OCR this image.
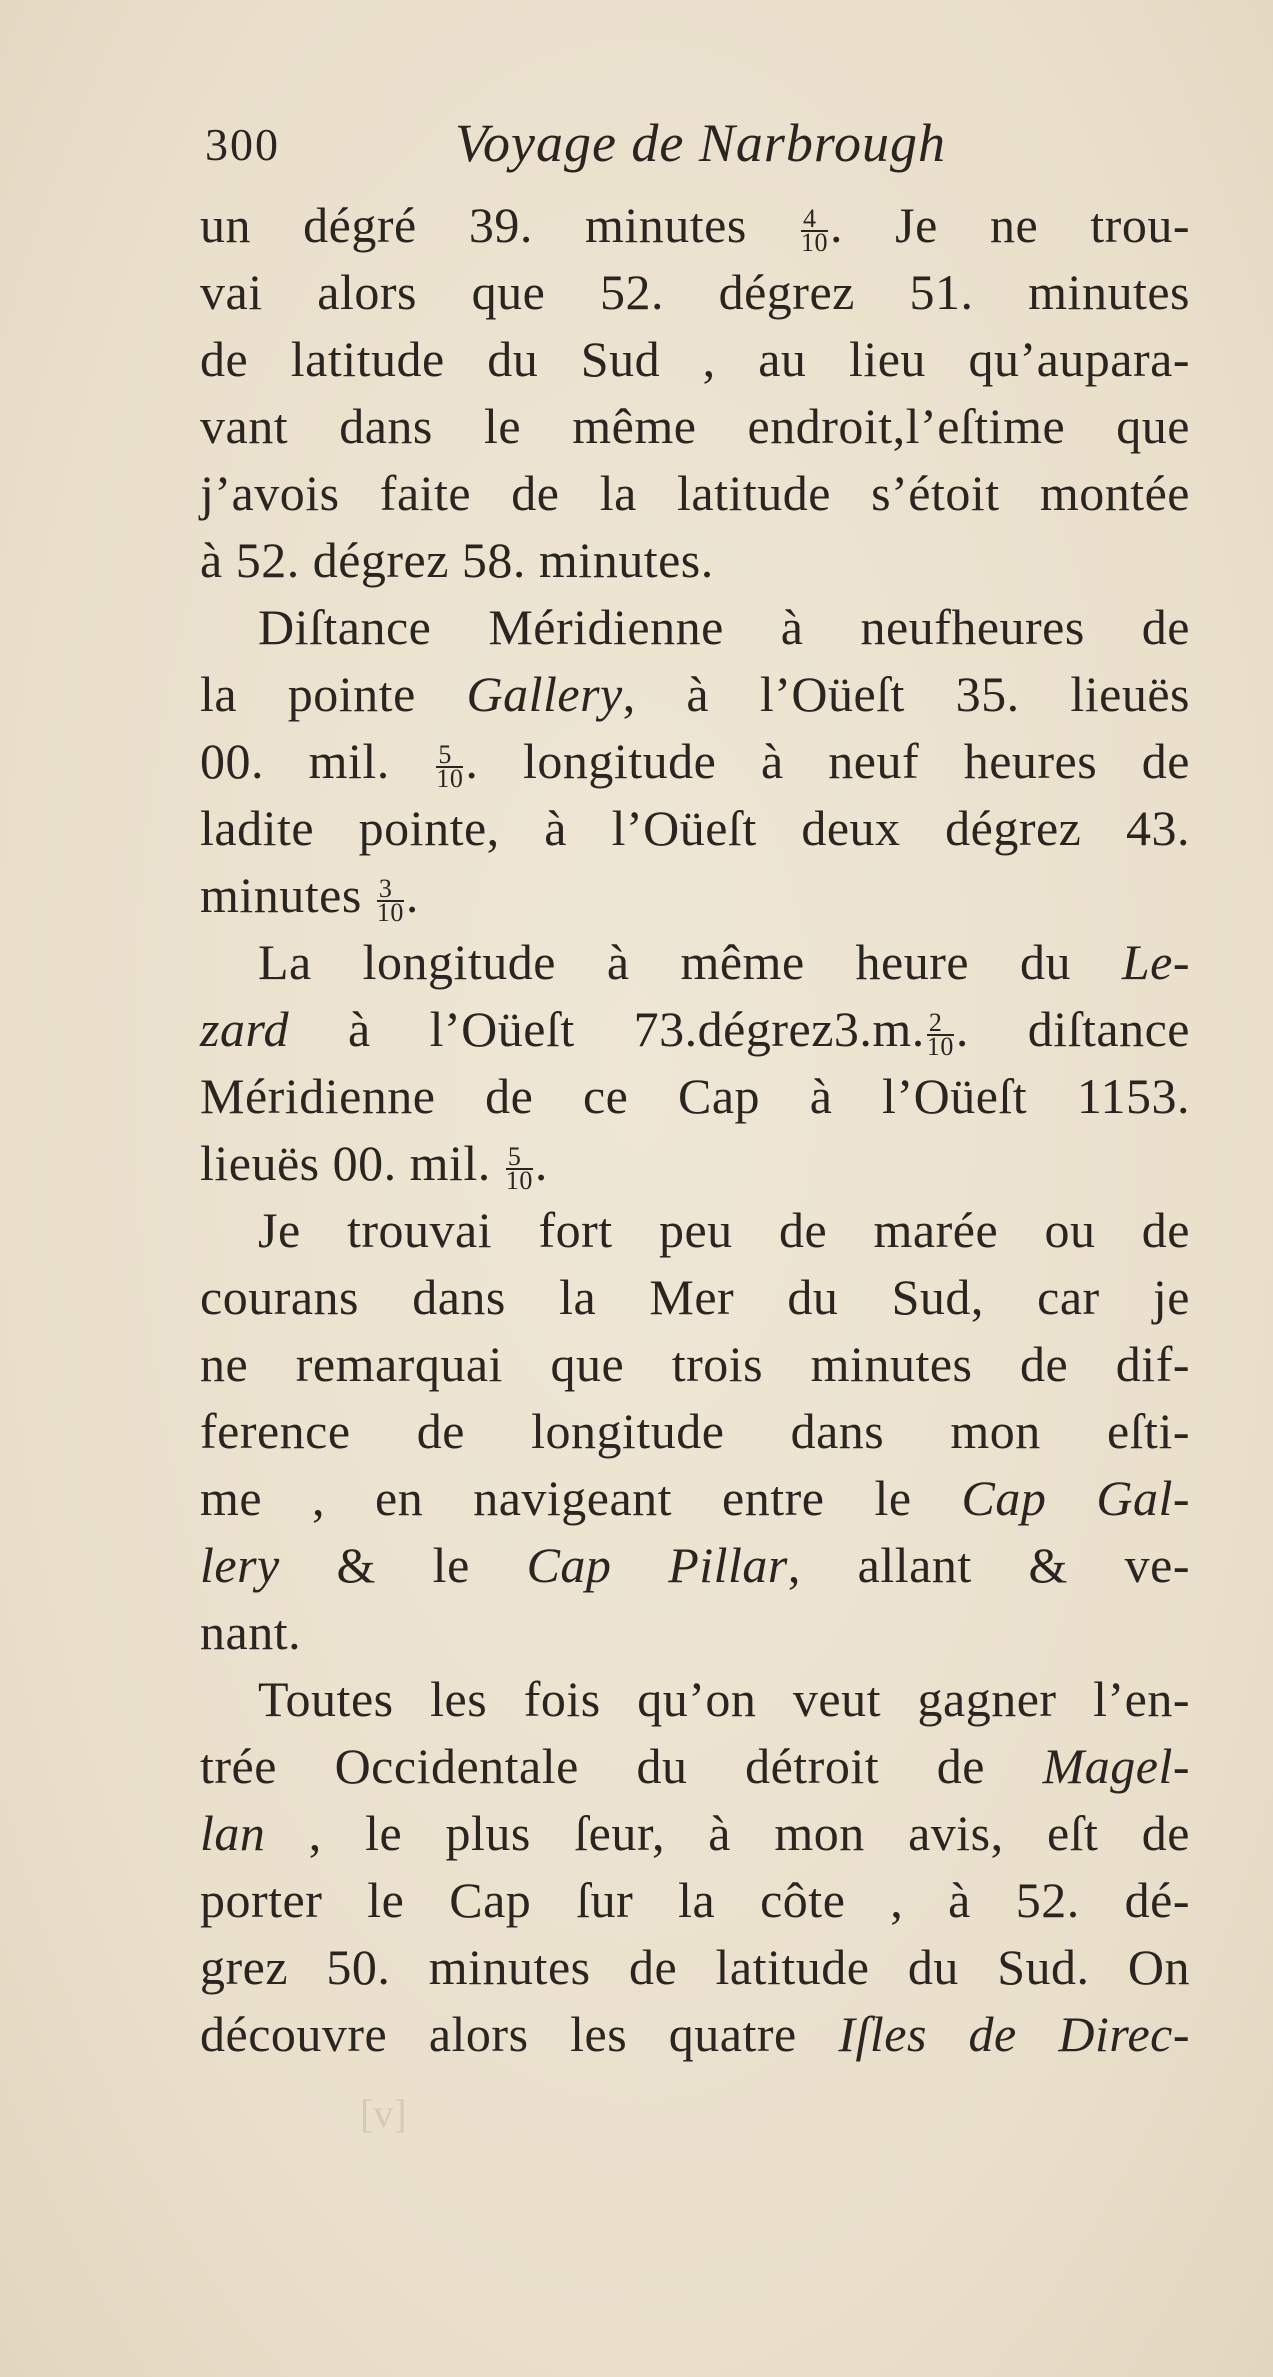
300	Voyage de Narbrough
un dégré 39. minutes $\frac{4}{10}$ . Je ne trou-
vai alors que 52. dégrez 51. minutes
de latitude du Sud , au lieu qu’aupara-
vant dans le même endroit,l’eſtime que
j’avois faite de la latitude s’étoit montée
à 52. dégrez 58. minutes.
Diſtance Méridienne à neufheures de
la pointe Gallery, à l’Oüeſt 35. lieuës
00. mil. $\frac{5}{10}$ . longitude à neuf heures de
ladite pointe, à l’Oüeſt deux dégrez 43.
minutes $\frac{3}{10}$ .
La longitude à même heure du Le-
zard à l’Oüeſt 73.dégrez3.m. $\frac{2}{10}$ . diſtance
Méridienne de ce Cap à l’Oüeſt 1153.
lieuës 00. mil. $\frac{5}{10}$ .
Je trouvai fort peu de marée ou de
courans dans la Mer du Sud, car je
ne remarquai que trois minutes de dif-
ference de longitude dans mon eſti-
me , en navigeant entre le Cap Gal-
lery & le Cap Pillar, allant & ve-
nant.
Toutes les fois qu’on veut gagner l’en-
trée Occidentale du détroit de Magel-
lan , le plus ſeur, à mon avis, eſt de
porter le Cap ſur la côte , à 52. dé-
grez 50. minutes de latitude du Sud. On
découvre alors les quatre Iſles de Direc-
[v]
